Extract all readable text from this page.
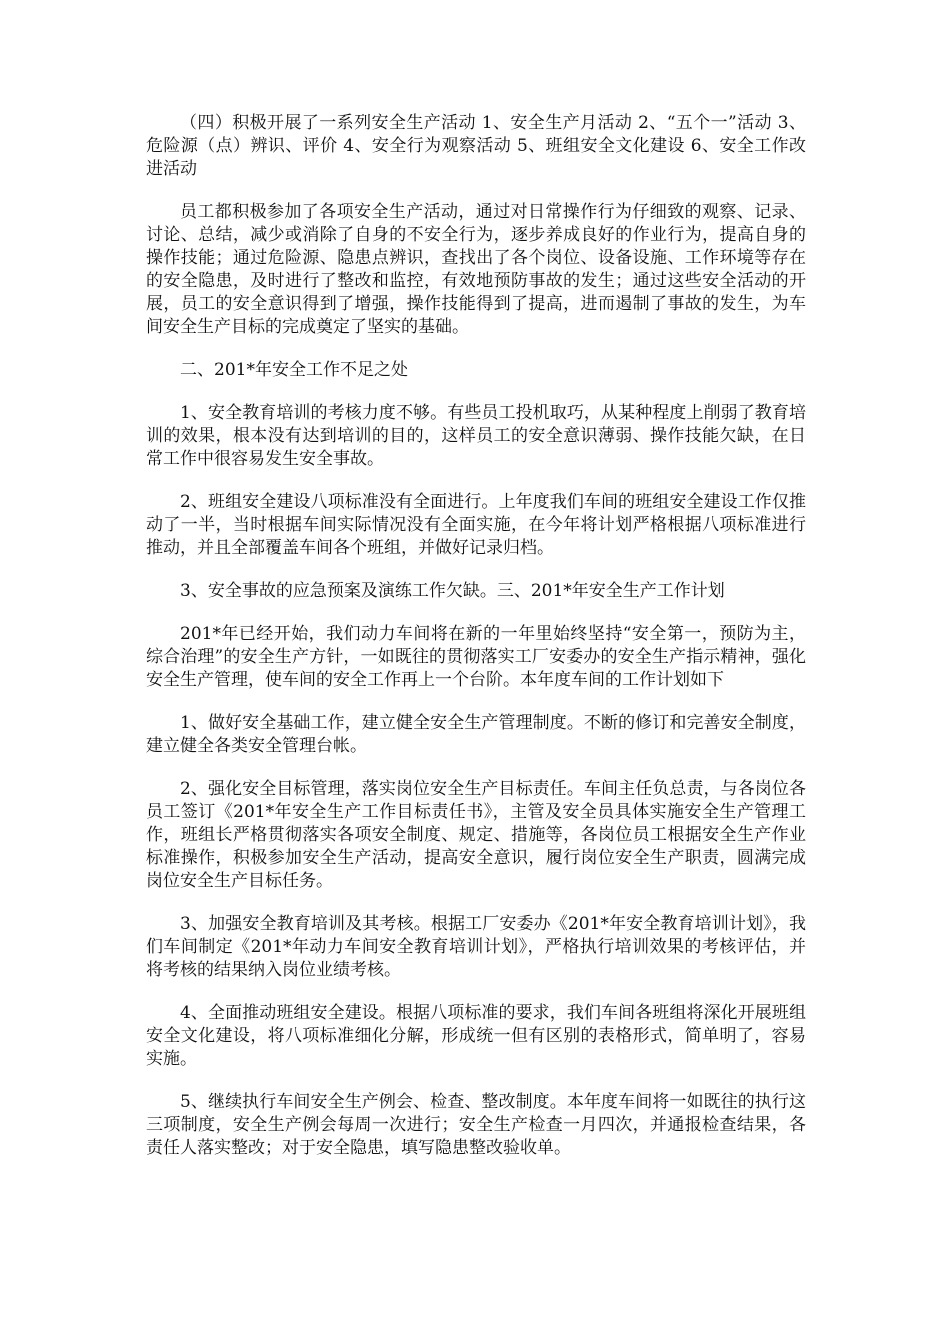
（四）积极开展了一系列安全生产活动 1、安全生产月活动 2、“五个一”活动 3、危险源（点）辨识、评价 4、安全行为观察活动 5、班组安全文化建设 6、安全工作改进活动

员工都积极参加了各项安全生产活动，通过对日常操作行为仔细致的观察、记录、讨论、总结，减少或消除了自身的不安全行为，逐步养成良好的作业行为，提高自身的操作技能；通过危险源、隐患点辨识，查找出了各个岗位、设备设施、工作环境等存在的安全隐患，及时进行了整改和监控，有效地预防事故的发生；通过这些安全活动的开展，员工的安全意识得到了增强，操作技能得到了提高，进而遏制了事故的发生，为车间安全生产目标的完成奠定了坚实的基础。

二、201*年安全工作不足之处

1、安全教育培训的考核力度不够。有些员工投机取巧，从某种程度上削弱了教育培训的效果，根本没有达到培训的目的，这样员工的安全意识薄弱、操作技能欠缺，在日常工作中很容易发生安全事故。

2、班组安全建设八项标准没有全面进行。上年度我们车间的班组安全建设工作仅推动了一半，当时根据车间实际情况没有全面实施，在今年将计划严格根据八项标准进行推动，并且全部覆盖车间各个班组，并做好记录归档。

3、安全事故的应急预案及演练工作欠缺。三、201*年安全生产工作计划

201*年已经开始，我们动力车间将在新的一年里始终坚持“安全第一，预防为主，综合治理”的安全生产方针，一如既往的贯彻落实工厂安委办的安全生产指示精神，强化安全生产管理，使车间的安全工作再上一个台阶。本年度车间的工作计划如下

1、做好安全基础工作，建立健全安全生产管理制度。不断的修订和完善安全制度，建立健全各类安全管理台帐。

2、强化安全目标管理，落实岗位安全生产目标责任。车间主任负总责，与各岗位各员工签订《201*年安全生产工作目标责任书》，主管及安全员具体实施安全生产管理工作，班组长严格贯彻落实各项安全制度、规定、措施等，各岗位员工根据安全生产作业标准操作，积极参加安全生产活动，提高安全意识，履行岗位安全生产职责，圆满完成岗位安全生产目标任务。

3、加强安全教育培训及其考核。根据工厂安委办《201*年安全教育培训计划》，我们车间制定《201*年动力车间安全教育培训计划》，严格执行培训效果的考核评估，并将考核的结果纳入岗位业绩考核。

4、全面推动班组安全建设。根据八项标准的要求，我们车间各班组将深化开展班组安全文化建设，将八项标准细化分解，形成统一但有区别的表格形式，简单明了，容易实施。

5、继续执行车间安全生产例会、检查、整改制度。本年度车间将一如既往的执行这三项制度，安全生产例会每周一次进行；安全生产检查一月四次，并通报检查结果，各责任人落实整改；对于安全隐患，填写隐患整改验收单。
